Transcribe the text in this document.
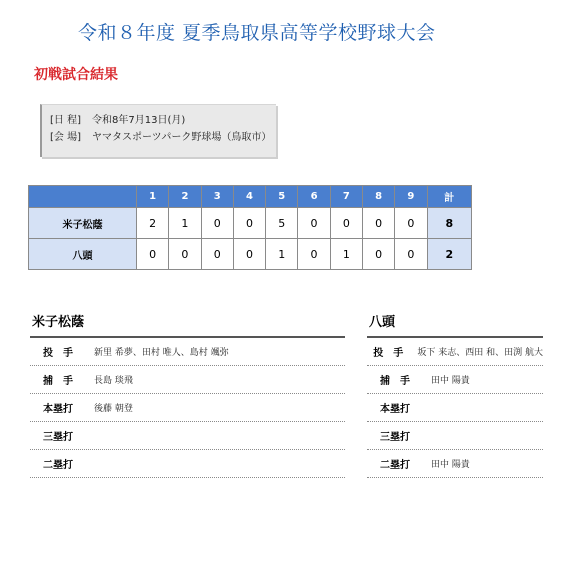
令和８年度 夏季鳥取県高等学校野球大会
初戦試合結果
[日 程] 令和8年7月13日(月)
[会 場] ヤマタスポーツパーク野球場（鳥取市）
	1	2	3	4	5	6	7	8	9	計
米子松蔭	2	1	0	0	5	0	0	0	0	8
八頭	0	0	0	0	1	0	1	0	0	2
米子松蔭
投　手	新里 希夢、田村 唯人、島村 颯弥
捕　手	長島 琰飛
本塁打	後藤 朝登
三塁打
二塁打
八頭
投　手	坂下 来志、西田 和、田渕 航大
捕　手	田中 陽貴
本塁打
三塁打
二塁打	田中 陽貴
